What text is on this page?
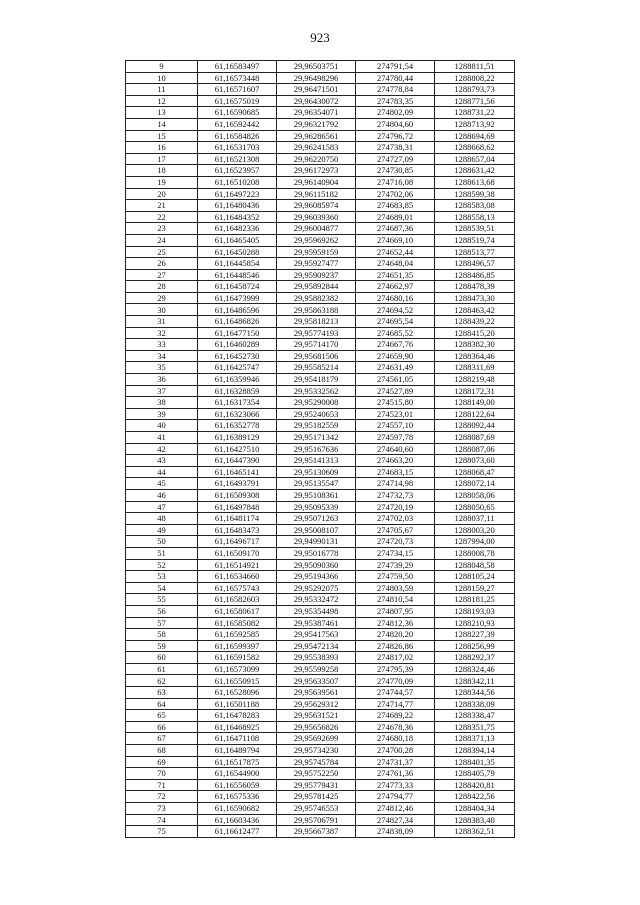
923
9	61,16583497	29,96503751	274791,54	1288811,51
10	61,16573448	29,96498296	274780,44	1288808,22
11	61,16571607	29,96471501	274778,84	1288793,73
12	61,16575019	29,96430072	274783,35	1288771,56
13	61,16590685	29,96354071	274802,09	1288731,22
14	61,16592442	29,96321792	274804,60	1288713,92
15	61,16584826	29,96286561	274796,72	1288694,69
16	61,16531703	29,96241583	274738,31	1288668,62
17	61,16521308	29,96220750	274727,09	1288657,04
18	61,16523957	29,96172973	274730,85	1288631,42
19	61,16510208	29,96140904	274716,08	1288613,68
20	61,16497223	29,96115182	274702,06	1288599,38
21	61,16480436	29,96085974	274683,85	1288583,08
22	61,16484352	29,96039360	274689,01	1288558,13
23	61,16482336	29,96004877	274687,36	1288539,51
24	61,16465405	29,95969262	274669,10	1288519,74
25	61,16450288	29,95959159	274652,44	1288513,77
26	61,16445854	29,95927477	274648,04	1288496,57
27	61,16448546	29,95909237	274651,35	1288486,85
28	61,16458724	29,95892844	274662,97	1288478,39
29	61,16473999	29,95882382	274680,16	1288473,30
30	61,16486596	29,95863188	274694,52	1288463,42
31	61,16486826	29,95818213	274695,54	1288439,22
32	61,16477150	29,95774193	274685,52	1288415,20
33	61,16460289	29,95714170	274667,76	1288382,30
34	61,16452730	29,95681506	274659,90	1288364,46
35	61,16425747	29,95585214	274631,49	1288311,69
36	61,16359946	29,95418179	274561,05	1288219,48
37	61,16328859	29,95332562	274527,89	1288172,31
38	61,16317354	29,95290008	274515,80	1288149,00
39	61,16323066	29,95240653	274523,01	1288122,64
40	61,16352778	29,95182559	274557,10	1288092,44
41	61,16389129	29,95171342	274597,78	1288087,69
42	61,16427510	29,95167636	274640,60	1288087,06
43	61,16447390	29,95141313	274663,20	1288073,60
44	61,16465141	29,95130609	274683,15	1288068,47
45	61,16493791	29,95135547	274714,98	1288072,14
46	61,16509308	29,95108361	274732,73	1288058,06
47	61,16497848	29,95095339	274720,19	1288050,65
48	61,16481174	29,95071263	274702,03	1288037,11
49	61,16483473	29,95008107	274705,67	1288003,20
50	61,16496717	29,94990131	274720,73	1287994,00
51	61,16509170	29,95016778	274734,15	1288008,78
52	61,16514921	29,95090360	274739,29	1288048,58
53	61,16534660	29,95194366	274759,50	1288105,24
54	61,16575743	29,95292075	274803,59	1288159,27
55	61,16582603	29,95332472	274810,54	1288181,25
56	61,16580617	29,95354498	274807,95	1288193,03
57	61,16585082	29,95387461	274812,36	1288210,93
58	61,16592585	29,95417563	274820,20	1288227,39
59	61,16599397	29,95472134	274826,86	1288256,99
60	61,16591582	29,95538393	274817,02	1288292,37
61	61,16573099	29,95599258	274795,39	1288324,46
62	61,16550915	29,95633507	274770,09	1288342,11
63	61,16528096	29,95639561	274744,57	1288344,56
64	61,16501188	29,95629312	274714,77	1288338,09
65	61,16478283	29,95631521	274689,22	1288338,47
66	61,16468925	29,95656826	274678,36	1288351,75
67	61,16471108	29,95692699	274680,18	1288371,13
68	61,16489794	29,95734230	274700,28	1288394,14
69	61,16517875	29,95745784	274731,37	1288401,35
70	61,16544900	29,95752250	274761,36	1288405,79
71	61,16556059	29,95779431	274773,33	1288420,81
72	61,16575336	29,95781425	274794,77	1288422,56
73	61,16590682	29,95746553	274812,46	1288404,34
74	61,16603436	29,95706791	274827,34	1288383,40
75	61,16612477	29,95667387	274838,09	1288362,51
